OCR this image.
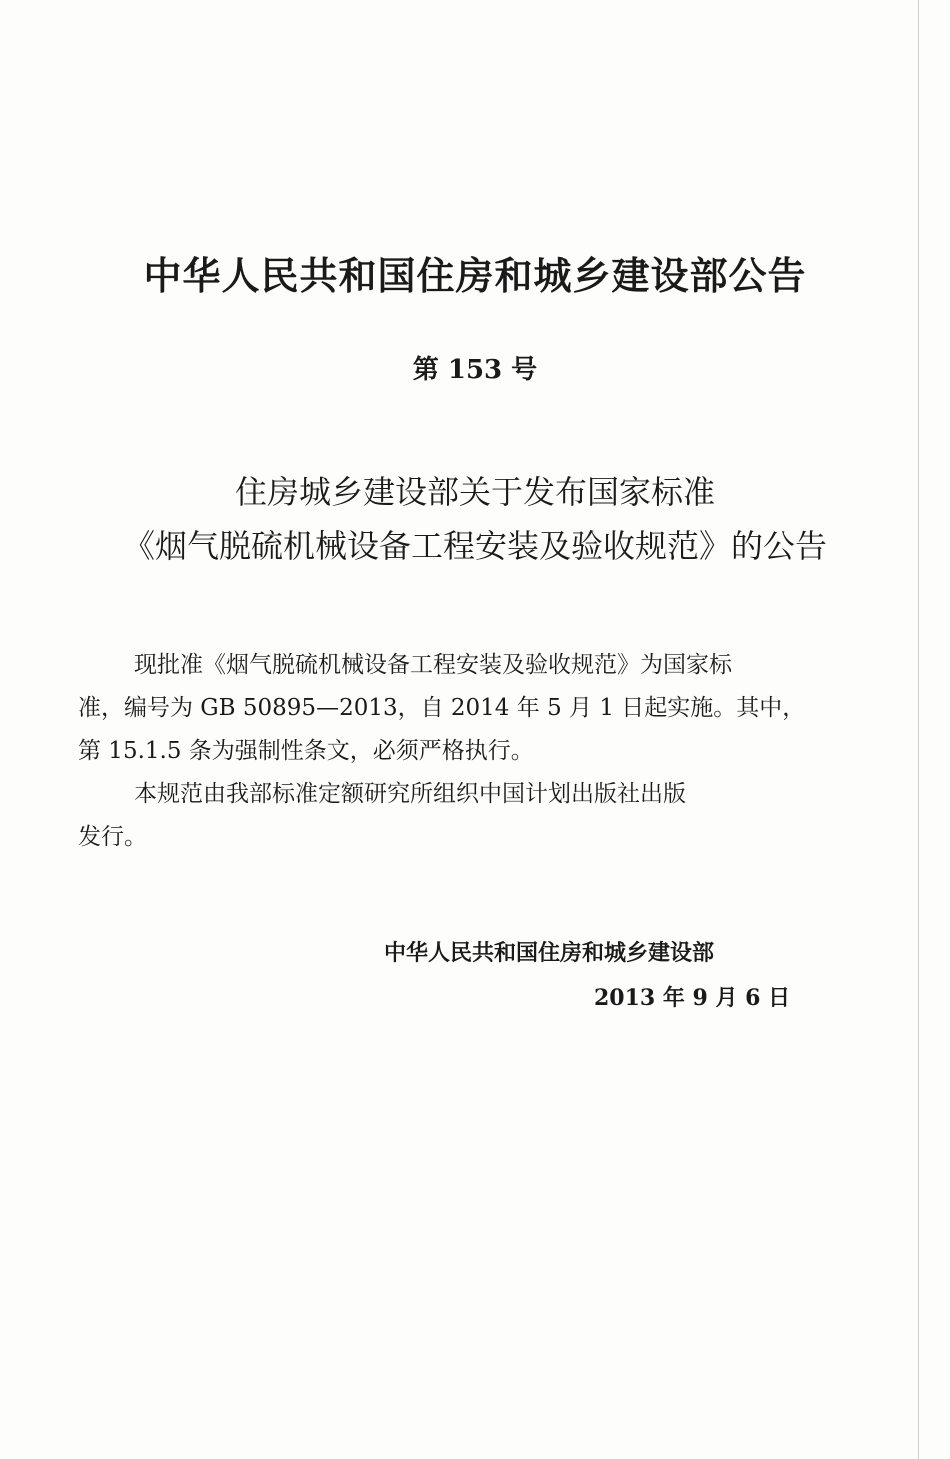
中华人民共和国住房和城乡建设部公告
第 153 号
住房城乡建设部关于发布国家标准
《烟气脱硫机械设备工程安装及验收规范》的公告
现批准《烟气脱硫机械设备工程安装及验收规范》为国家标
准，编号为 GB 50895—2013，自 2014 年 5 月 1 日起实施。其中，
第 15.1.5 条为强制性条文，必须严格执行。
本规范由我部标准定额研究所组织中国计划出版社出版
发行。
中华人民共和国住房和城乡建设部
2013 年 9 月 6 日
